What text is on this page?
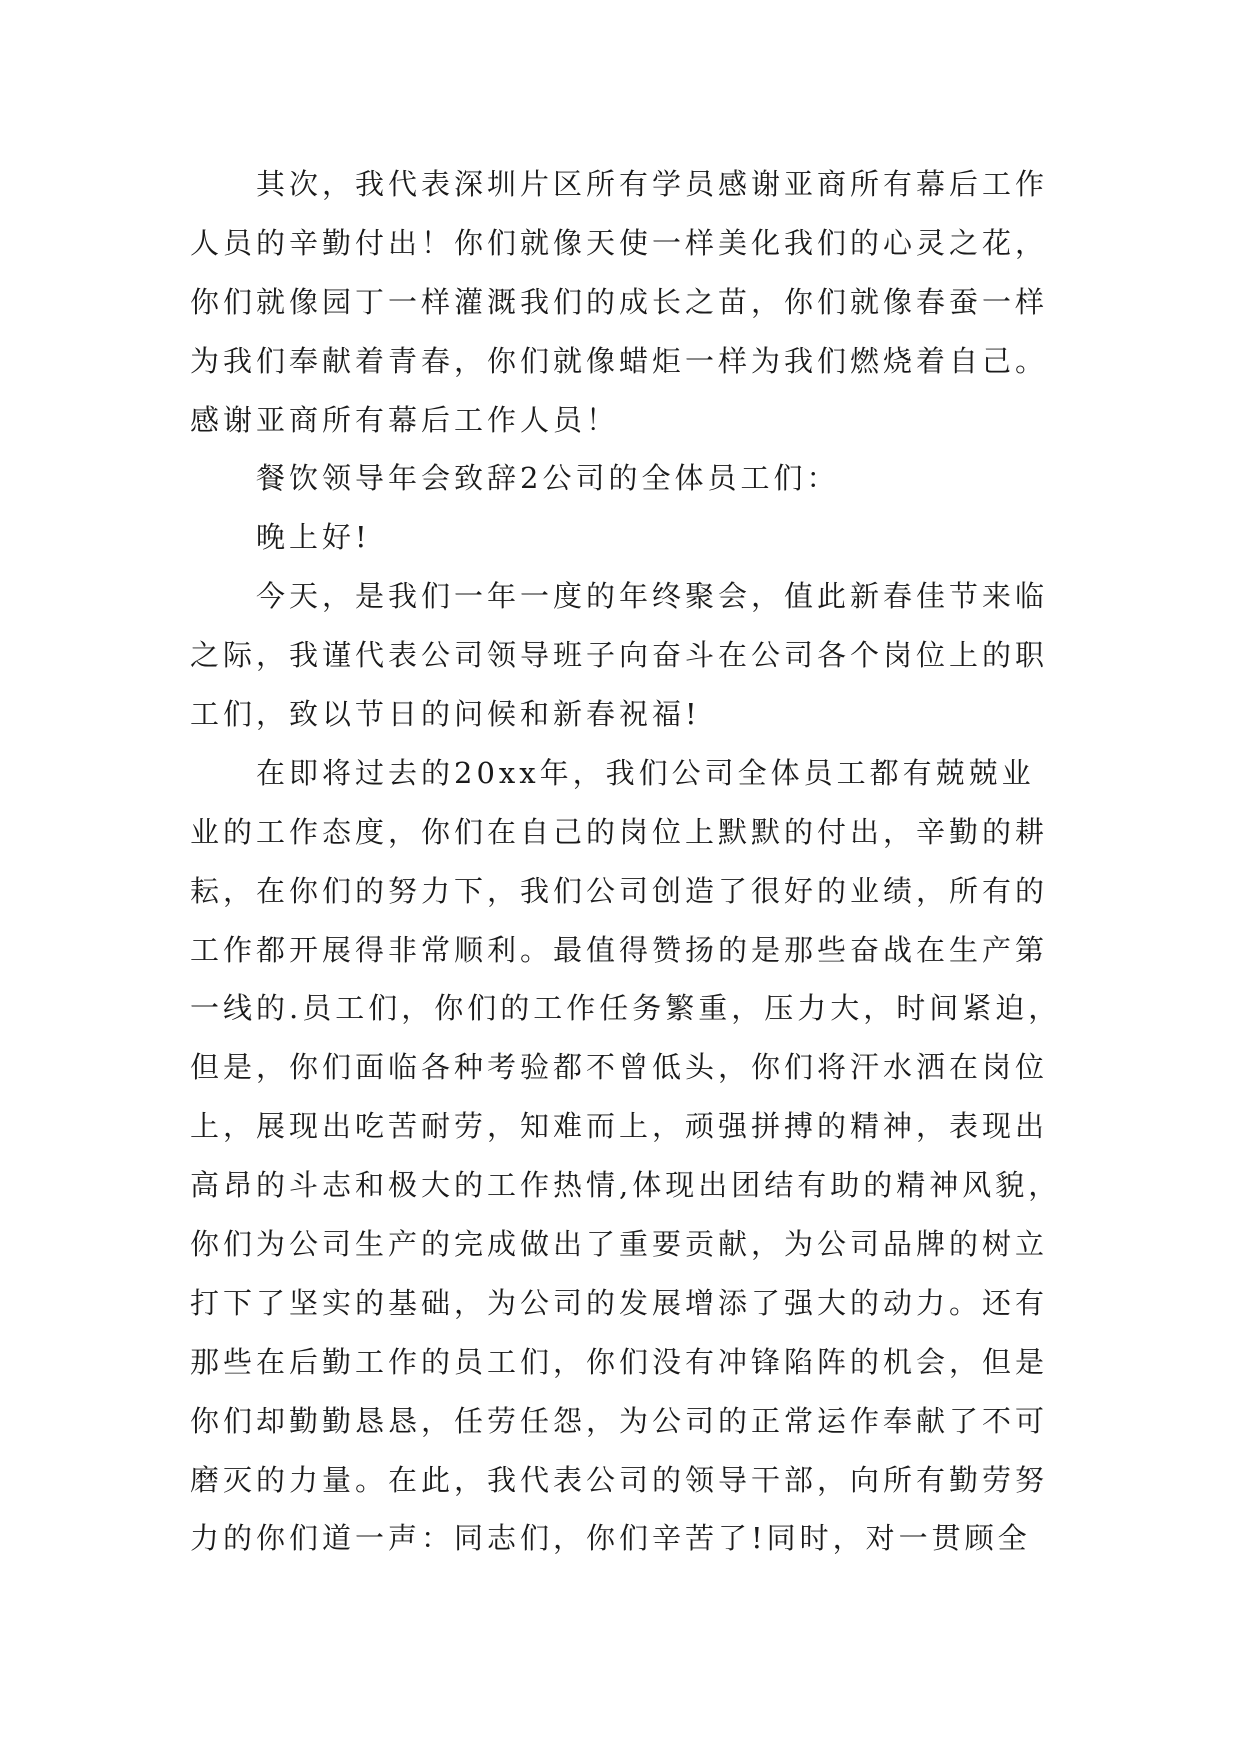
其次，我代表深圳片区所有学员感谢亚商所有幕后工作
人员的辛勤付出！你们就像天使一样美化我们的心灵之花，
你们就像园丁一样灌溉我们的成长之苗，你们就像春蚕一样
为我们奉献着青春，你们就像蜡炬一样为我们燃烧着自己。
感谢亚商所有幕后工作人员！
餐饮领导年会致辞2公司的全体员工们：
晚上好!
今天，是我们一年一度的年终聚会，值此新春佳节来临
之际，我谨代表公司领导班子向奋斗在公司各个岗位上的职
工们，致以节日的问候和新春祝福!
在即将过去的20xx年，我们公司全体员工都有兢兢业
业的工作态度，你们在自己的岗位上默默的付出，辛勤的耕
耘，在你们的努力下，我们公司创造了很好的业绩，所有的
工作都开展得非常顺利。最值得赞扬的是那些奋战在生产第
一线的.员工们，你们的工作任务繁重，压力大，时间紧迫，
但是，你们面临各种考验都不曾低头，你们将汗水洒在岗位
上，展现出吃苦耐劳，知难而上，顽强拼搏的精神，表现出
高昂的斗志和极大的工作热情,体现出团结有助的精神风貌，
你们为公司生产的完成做出了重要贡献，为公司品牌的树立
打下了坚实的基础，为公司的发展增添了强大的动力。还有
那些在后勤工作的员工们，你们没有冲锋陷阵的机会，但是
你们却勤勤恳恳，任劳任怨，为公司的正常运作奉献了不可
磨灭的力量。在此，我代表公司的领导干部，向所有勤劳努
力的你们道一声：同志们，你们辛苦了!同时，对一贯顾全
